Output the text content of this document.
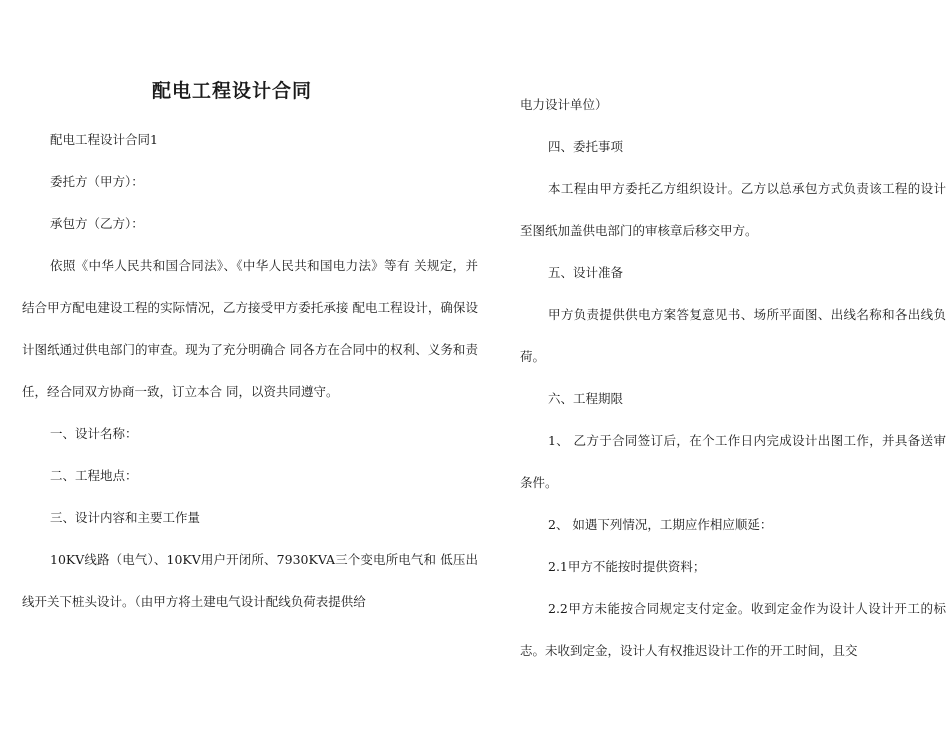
配电工程设计合同

配电工程设计合同1

委托方（甲方）：

承包方（乙方）：

依照《中华人民共和国合同法》、《中华人民共和国电力法》等有 关规定，并结合甲方配电建设工程的实际情况，乙方接受甲方委托承接 配电工程设计，确保设计图纸通过供电部门的审查。现为了充分明确合 同各方在合同中的权利、义务和责任，经合同双方协商一致，订立本合 同，以资共同遵守。

一、设计名称：

二、工程地点：

三、设计内容和主要工作量

10KV线路（电气）、10KV用户开闭所、7930KVA三个变电所电气和 低压出线开关下桩头设计。（由甲方将土建电气设计配线负荷表提供给

电力设计单位）

四、委托事项

本工程由甲方委托乙方组织设计。乙方以总承包方式负责该工程的设计至图纸加盖供电部门的审核章后移交甲方。

五、设计准备

甲方负责提供供电方案答复意见书、场所平面图、出线名称和各出线负荷。

六、工程期限

1、 乙方于合同签订后，在个工作日内完成设计出图工作，并具备送审条件。

2、 如遇下列情况，工期应作相应顺延：

2.1甲方不能按时提供资料；

2.2甲方未能按合同规定支付定金。收到定金作为设计人设计开工的标志。未收到定金，设计人有权推迟设计工作的开工时间，且交
